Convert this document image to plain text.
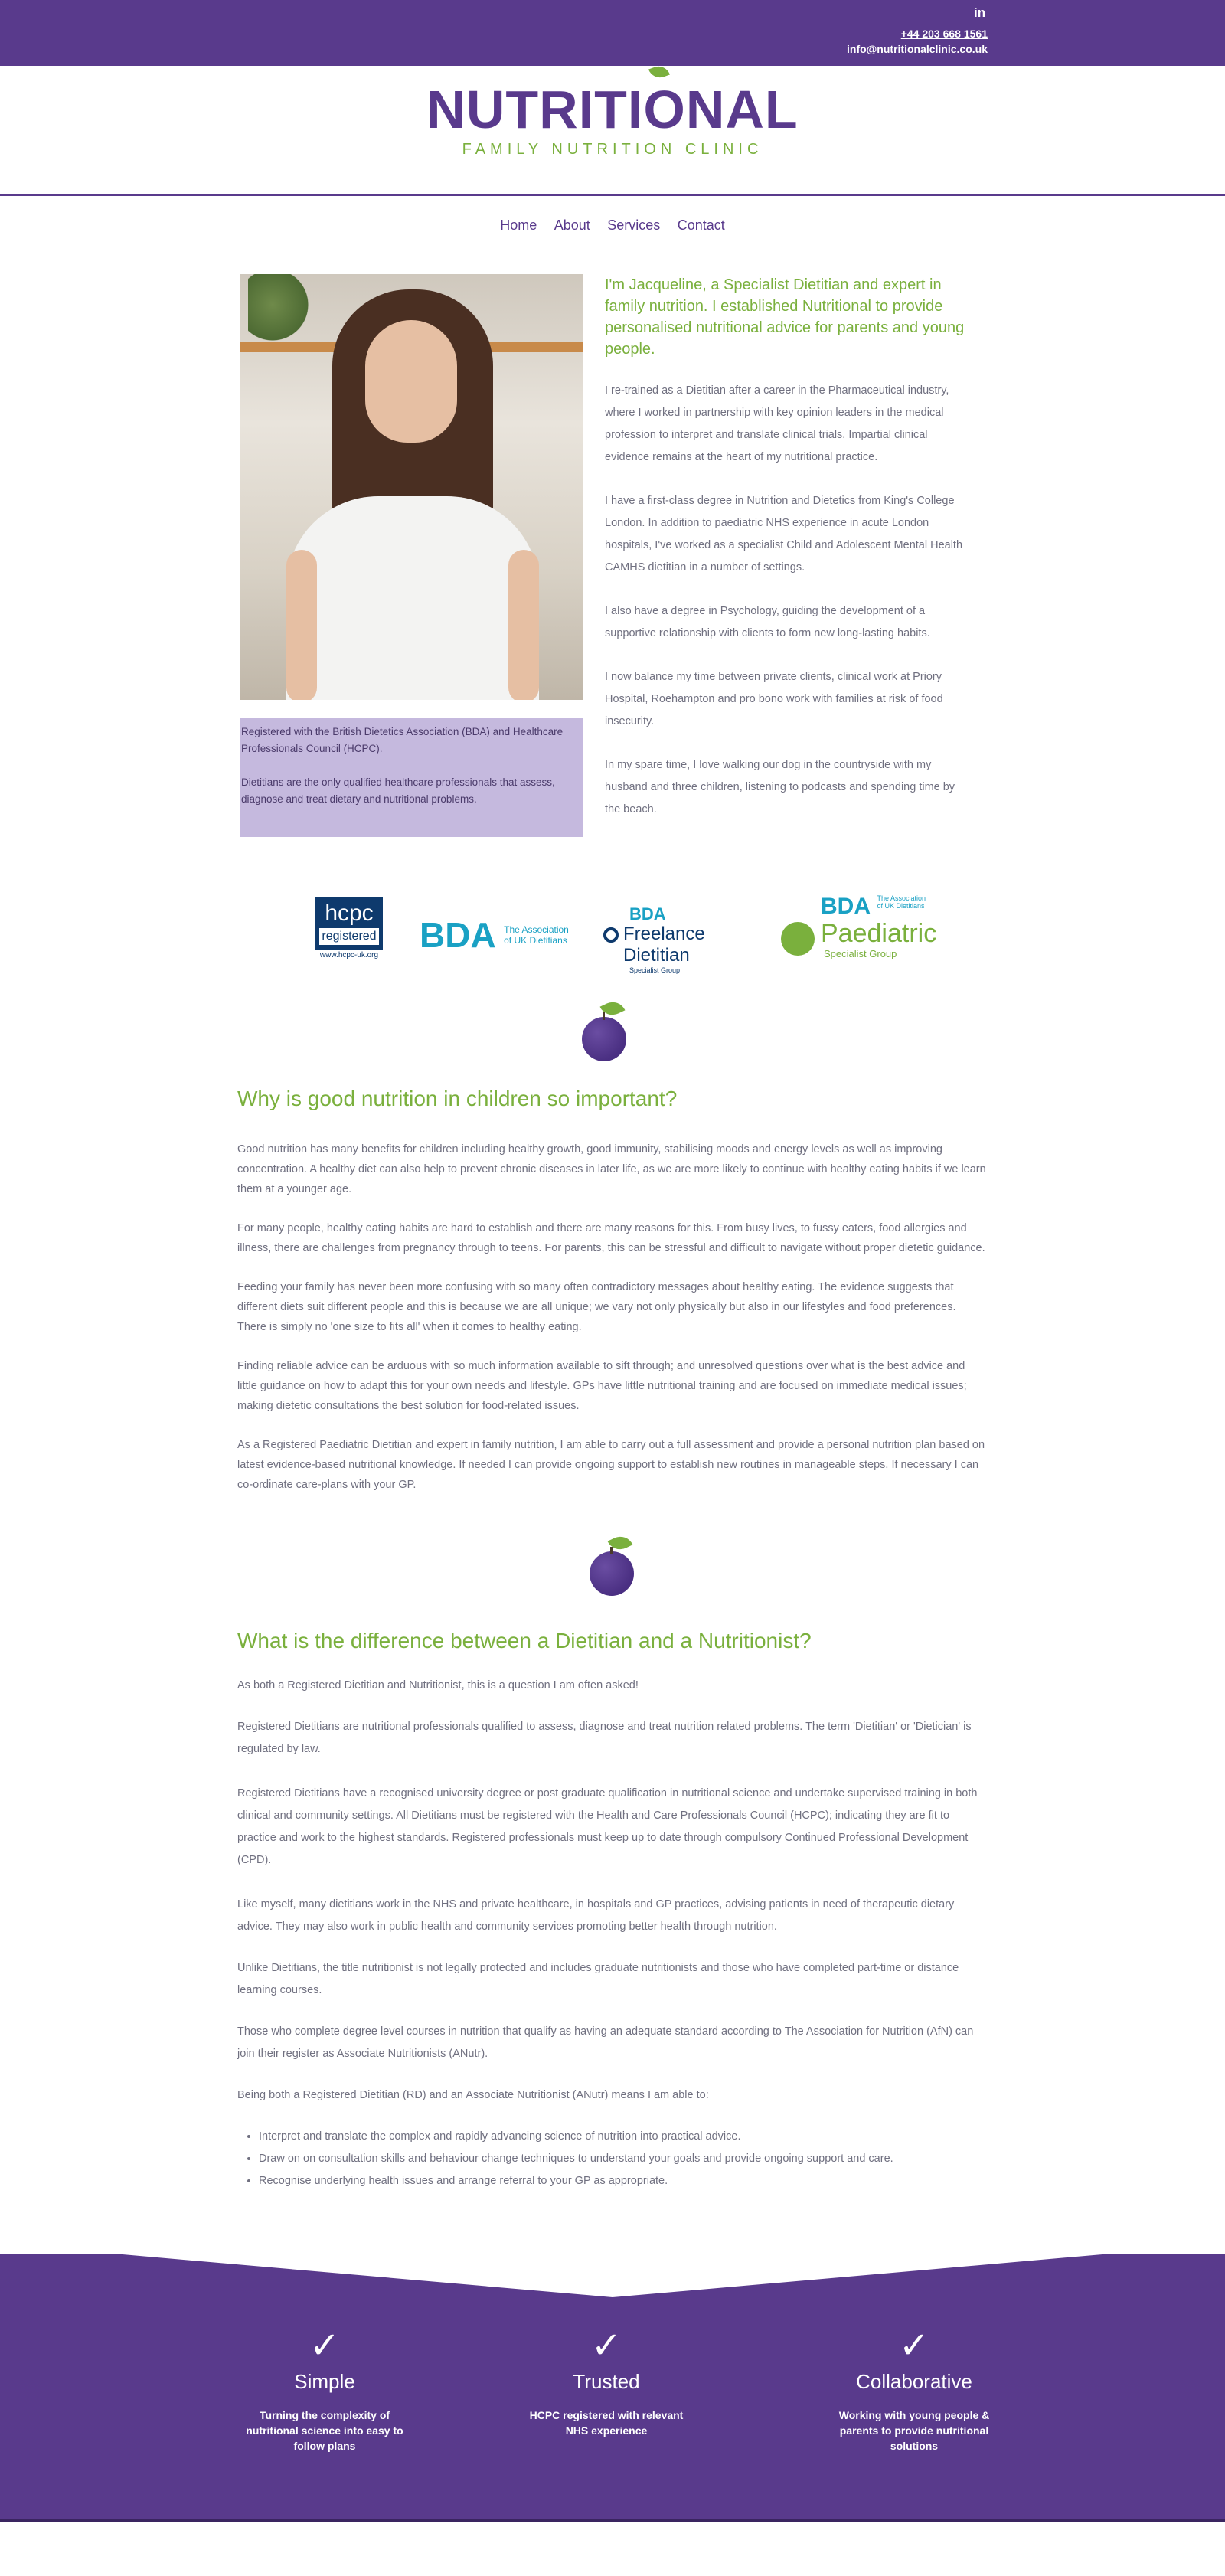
in
+44 203 668 1561
info@nutritionalclinic.co.uk
NUTRITIONAL
FAMILY NUTRITION CLINIC
Home About Services Contact

Registered with the British Dietetics Association (BDA) and Healthcare Professionals Council (HCPC).

Dietitians are the only qualified healthcare professionals that assess, diagnose and treat dietary and nutritional problems.

I'm Jacqueline, a Specialist Dietitian and expert in family nutrition. I established Nutritional to provide personalised nutritional advice for parents and young people.

I re-trained as a Dietitian after a career in the Pharmaceutical industry, where I worked in partnership with key opinion leaders in the medical profession to interpret and translate clinical trials. Impartial clinical evidence remains at the heart of my nutritional practice.

I have a first-class degree in Nutrition and Dietetics from King's College London. In addition to paediatric NHS experience in acute London hospitals, I've worked as a specialist Child and Adolescent Mental Health CAMHS dietitian in a number of settings.

I also have a degree in Psychology, guiding the development of a supportive relationship with clients to form new long-lasting habits.

I now balance my time between private clients, clinical work at Priory Hospital, Roehampton and pro bono work with families at risk of food insecurity.

In my spare time, I love walking our dog in the countryside with my husband and three children, listening to podcasts and spending time by the beach.

hcpc
registered
www.hcpc-uk.org
BDA The Association
of UK Dietitians
BDA
Freelance Dietitian
Specialist Group
BDA The Association
of UK Dietitians
Paediatric
Specialist Group
Why is good nutrition in children so important?

Good nutrition has many benefits for children including healthy growth, good immunity, stabilising moods and energy levels as well as improving concentration. A healthy diet can also help to prevent chronic diseases in later life, as we are more likely to continue with healthy eating habits if we learn them at a younger age.

For many people, healthy eating habits are hard to establish and there are many reasons for this. From busy lives, to fussy eaters, food allergies and illness, there are challenges from pregnancy through to teens. For parents, this can be stressful and difficult to navigate without proper dietetic guidance.

Feeding your family has never been more confusing with so many often contradictory messages about healthy eating. The evidence suggests that different diets suit different people and this is because we are all unique; we vary not only physically but also in our lifestyles and food preferences. There is simply no 'one size to fits all' when it comes to healthy eating.

Finding reliable advice can be arduous with so much information available to sift through; and unresolved questions over what is the best advice and little guidance on how to adapt this for your own needs and lifestyle. GPs have little nutritional training and are focused on immediate medical issues; making dietetic consultations the best solution for food-related issues.

As a Registered Paediatric Dietitian and expert in family nutrition, I am able to carry out a full assessment and provide a personal nutrition plan based on latest evidence-based nutritional knowledge. If needed I can provide ongoing support to establish new routines in manageable steps. If necessary I can co-ordinate care-plans with your GP.

What is the difference between a Dietitian and a Nutritionist?

As both a Registered Dietitian and Nutritionist, this is a question I am often asked!

Registered Dietitians are nutritional professionals qualified to assess, diagnose and treat nutrition related problems. The term 'Dietitian' or 'Dietician' is regulated by law.

Registered Dietitians have a recognised university degree or post graduate qualification in nutritional science and undertake supervised training in both clinical and community settings. All Dietitians must be registered with the Health and Care Professionals Council (HCPC); indicating they are fit to practice and work to the highest standards. Registered professionals must keep up to date through compulsory Continued Professional Development (CPD).

Like myself, many dietitians work in the NHS and private healthcare, in hospitals and GP practices, advising patients in need of therapeutic dietary advice. They may also work in public health and community services promoting better health through nutrition.

Unlike Dietitians, the title nutritionist is not legally protected and includes graduate nutritionists and those who have completed part-time or distance learning courses.

Those who complete degree level courses in nutrition that qualify as having an adequate standard according to The Association for Nutrition (AfN) can join their register as Associate Nutritionists (ANutr).

Being both a Registered Dietitian (RD) and an Associate Nutritionist (ANutr) means I am able to:

• Interpret and translate the complex and rapidly advancing science of nutrition into practical advice.
• Draw on on consultation skills and behaviour change techniques to understand your goals and provide ongoing support and care.
• Recognise underlying health issues and arrange referral to your GP as appropriate.
✓
Simple
Turning the complexity of nutritional science into easy to follow plans
✓
Trusted
HCPC registered with relevant NHS experience
✓
Collaborative
Working with young people & parents to provide nutritional solutions
